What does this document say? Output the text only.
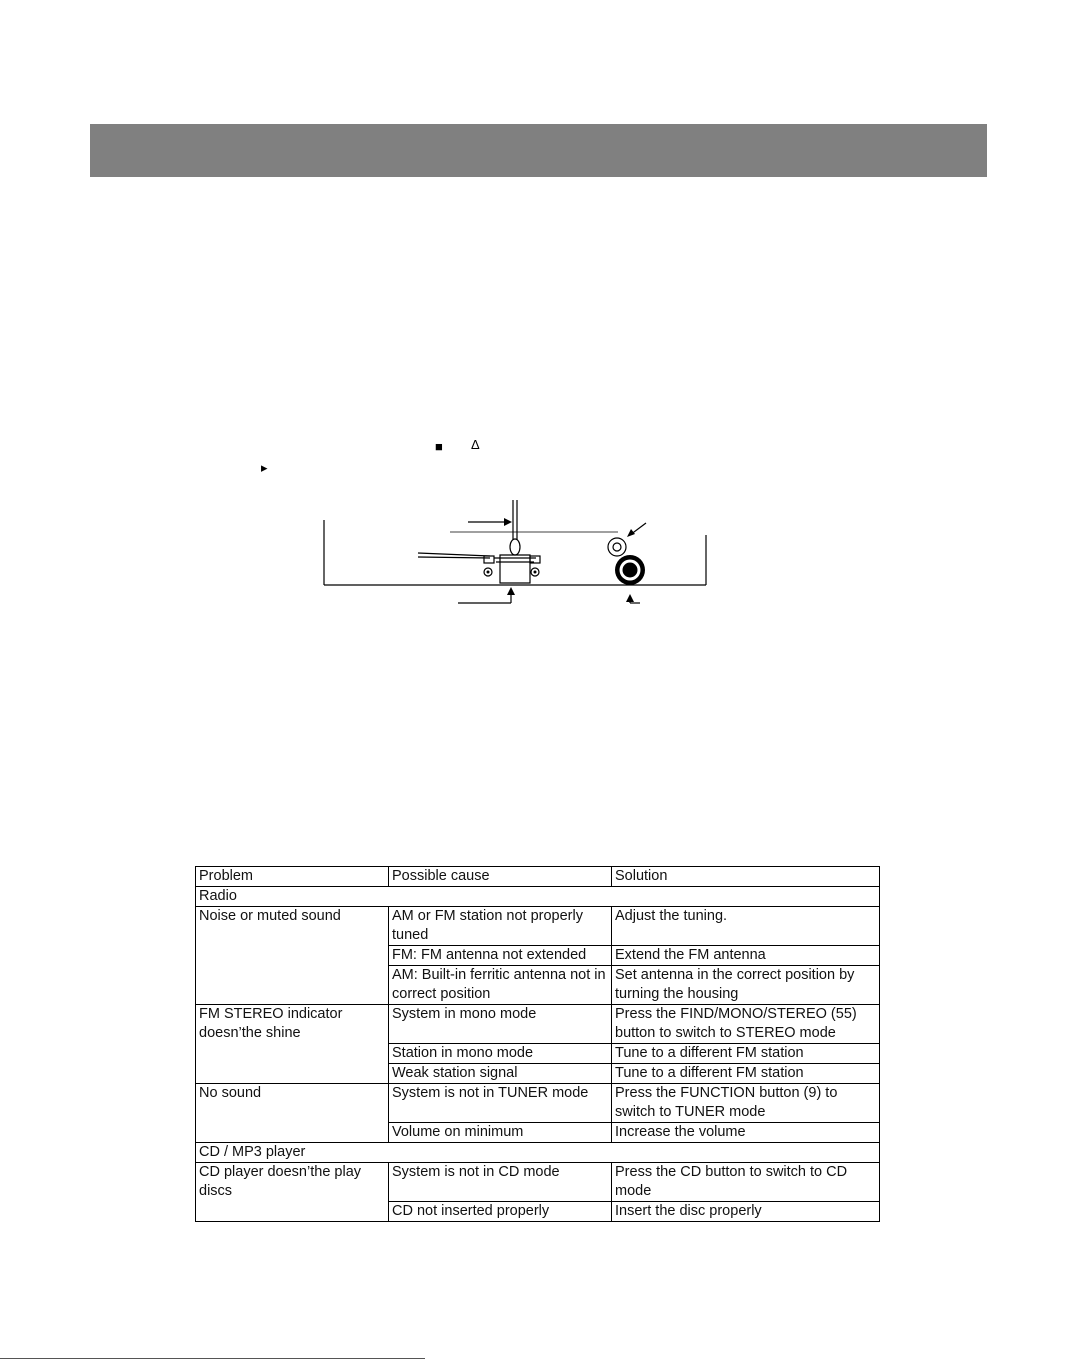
■ Δ
▸
Problem	Possible cause	Solution
Radio		
Noise or muted sound	AM or FM station not properly tuned	Adjust the tuning.
	FM: FM antenna not extended	Extend the FM antenna
	AM: Built-in ferritic antenna not in correct position	Set antenna in the correct position by turning the housing
FM STEREO indicator doesn’the shine	System in mono mode	Press the FIND/MONO/STEREO (55) button to switch to STEREO mode
	Station in mono mode	Tune to a different FM station
	Weak station signal	Tune to a different FM station
No sound	System is not in TUNER mode	Press the FUNCTION button (9) to switch to TUNER mode
	Volume on minimum	Increase the volume
CD / MP3 player		
CD player doesn’the play discs	System is not in CD mode	Press the CD button to switch to CD mode
	CD not inserted properly	Insert the disc properly
